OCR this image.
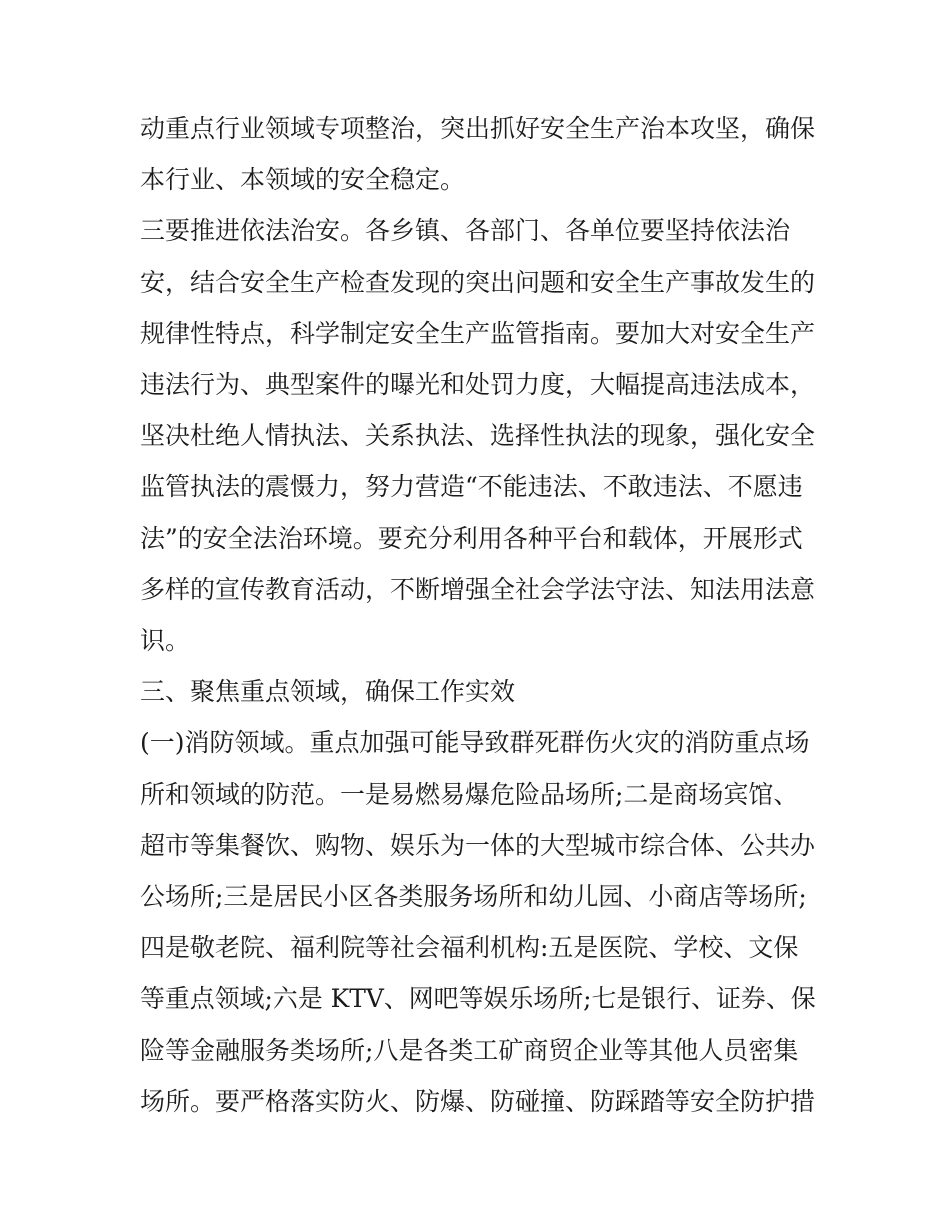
动重点行业领域专项整治，突出抓好安全生产治本攻坚，确保

本行业、本领域的安全稳定。

三要推进依法治安。各乡镇、各部门、各单位要坚持依法治

安，结合安全生产检查发现的突出问题和安全生产事故发生的

规律性特点，科学制定安全生产监管指南。要加大对安全生产

违法行为、典型案件的曝光和处罚力度，大幅提高违法成本，

坚决杜绝人情执法、关系执法、选择性执法的现象，强化安全

监管执法的震慑力，努力营造“不能违法、不敢违法、不愿违

法”的安全法治环境。要充分利用各种平台和载体，开展形式

多样的宣传教育活动，不断增强全社会学法守法、知法用法意

识。

三、聚焦重点领域，确保工作实效

(一)消防领域。重点加强可能导致群死群伤火灾的消防重点场

所和领域的防范。一是易燃易爆危险品场所;二是商场宾馆、

超市等集餐饮、购物、娱乐为一体的大型城市综合体、公共办

公场所;三是居民小区各类服务场所和幼儿园、小商店等场所;

四是敬老院、福利院等社会福利机构:五是医院、学校、文保

等重点领域;六是 KTV、网吧等娱乐场所;七是银行、证券、保

险等金融服务类场所;八是各类工矿商贸企业等其他人员密集

场所。要严格落实防火、防爆、防碰撞、防踩踏等安全防护措
